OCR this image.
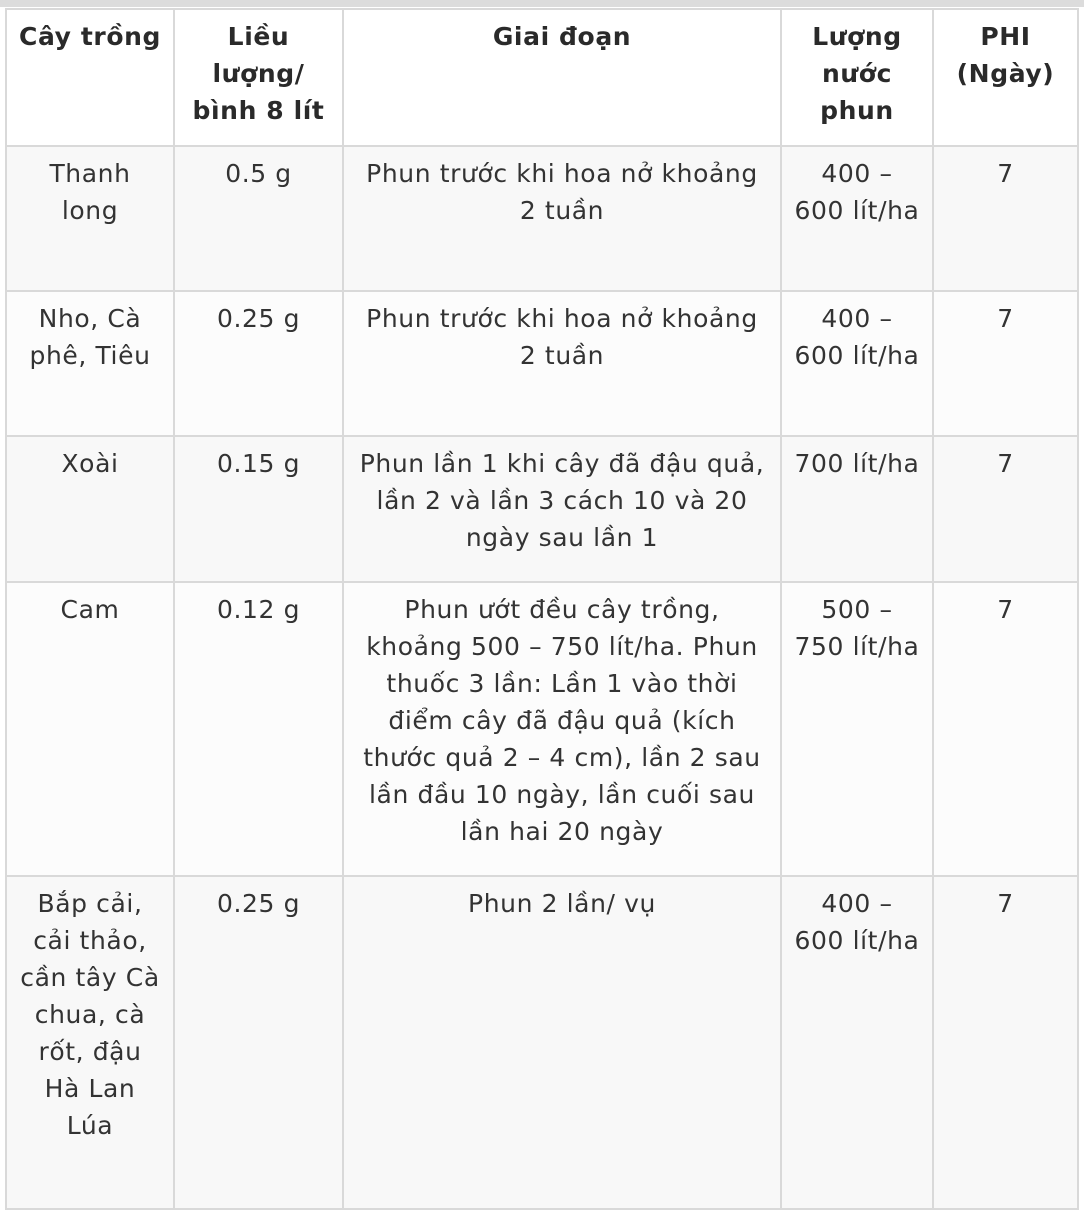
Cây trồng	Liều lượng/ bình 8 lít	Giai đoạn	Lượng nước phun	PHI (Ngày)

Thanh long	0.5 g	Phun trước khi hoa nở khoảng 2 tuần	400 – 600 lít/ha	7

Nho, Cà phê, Tiêu	0.25 g	Phun trước khi hoa nở khoảng 2 tuần	400 – 600 lít/ha	7

Xoài	0.15 g	Phun lần 1 khi cây đã đậu quả, lần 2 và lần 3 cách 10 và 20 ngày sau lần 1	700 lít/ha	7

Cam	0.12 g	Phun ướt đều cây trồng, khoảng 500 – 750 lít/ha. Phun thuốc 3 lần: Lần 1 vào thời điểm cây đã đậu quả (kích thước quả 2 – 4 cm), lần 2 sau lần đầu 10 ngày, lần cuối sau lần hai 20 ngày	500 – 750 lít/ha	7

Bắp cải, cải thảo, cần tây Cà chua, cà rốt, đậu Hà Lan Lúa	0.25 g	Phun 2 lần/ vụ	400 – 600 lít/ha	7
